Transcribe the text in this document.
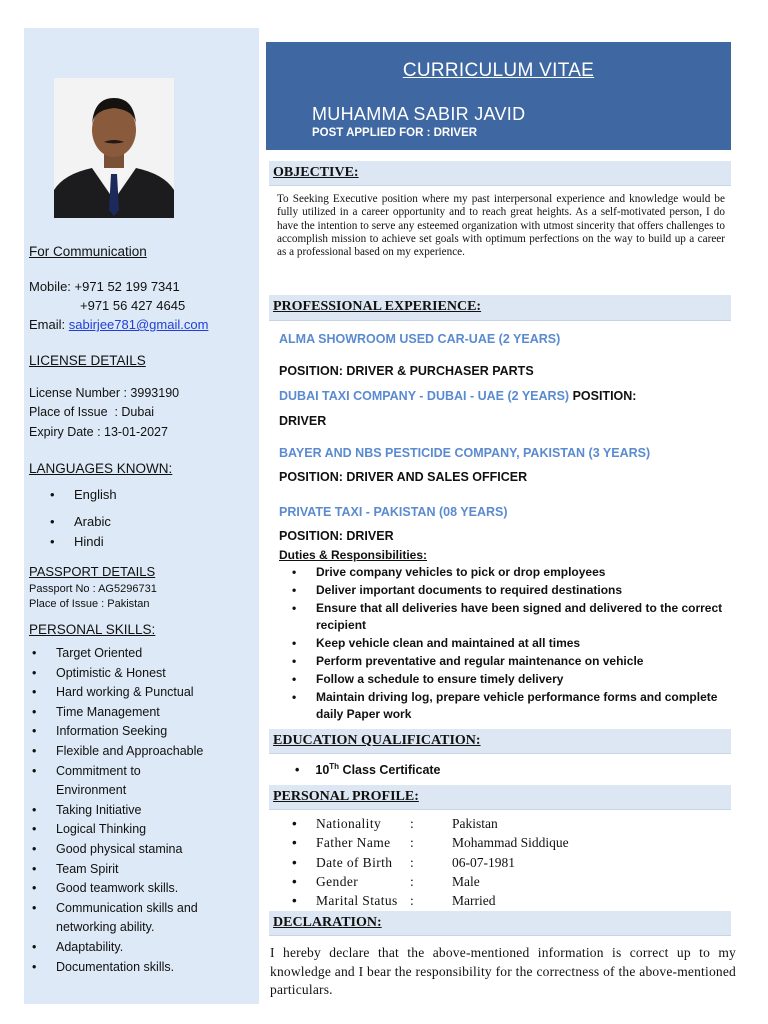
For Communication
Mobile: +971 52 199 7341
+971 56 427 4645
Email: sabirjee781@gmail.com
LICENSE DETAILS
License Number : 3993190
Place of Issue  : Dubai
Expiry Date : 13-01-2027
LANGUAGES KNOWN:
• English
• Arabic
• Hindi
PASSPORT DETAILS
Passport No : AG5296731
Place of Issue : Pakistan
PERSONAL SKILLS:
• Target Oriented
• Optimistic & Honest
• Hard working & Punctual
• Time Management
• Information Seeking
• Flexible and Approachable
• Commitment to Environment
• Taking Initiative
• Logical Thinking
• Good physical stamina
• Team Spirit
• Good teamwork skills.
• Communication skills and networking ability.
• Adaptability.
• Documentation skills.
CURRICULUM VITAE
MUHAMMA SABIR JAVID
POST APPLIED FOR : DRIVER
OBJECTIVE:
To Seeking Executive position where my past interpersonal experience and knowledge would be fully utilized in a career opportunity and to reach great heights. As a self-motivated person, I do have the intention to serve any esteemed organization with utmost sincerity that offers challenges to accomplish mission to achieve set goals with optimum perfections on the way to build up a career as a professional based on my experience.
PROFESSIONAL EXPERIENCE:
ALMA SHOWROOM USED CAR-UAE (2 YEARS)
POSITION: DRIVER & PURCHASER PARTS
DUBAI TAXI COMPANY - DUBAI - UAE (2 YEARS) POSITION:
DRIVER
BAYER AND NBS PESTICIDE COMPANY, PAKISTAN (3 YEARS)
POSITION: DRIVER AND SALES OFFICER
PRIVATE TAXI - PAKISTAN (08 YEARS)
POSITION: DRIVER
Duties & Responsibilities:
• Drive company vehicles to pick or drop employees
• Deliver important documents to required destinations
• Ensure that all deliveries have been signed and delivered to the correct recipient
• Keep vehicle clean and maintained at all times
• Perform preventative and regular maintenance on vehicle
• Follow a schedule to ensure timely delivery
• Maintain driving log, prepare vehicle performance forms and complete daily Paper work
EDUCATION QUALIFICATION:
• 10Th Class Certificate
PERSONAL PROFILE:
• Nationality :	Pakistan
• Father Name :	Mohammad Siddique
• Date of Birth :	06-07-1981
• Gender	:	Male
• Marital Status :	Married
DECLARATION:
I hereby declare that the above-mentioned information is correct up to my knowledge and I bear the responsibility for the correctness of the above-mentioned particulars.
